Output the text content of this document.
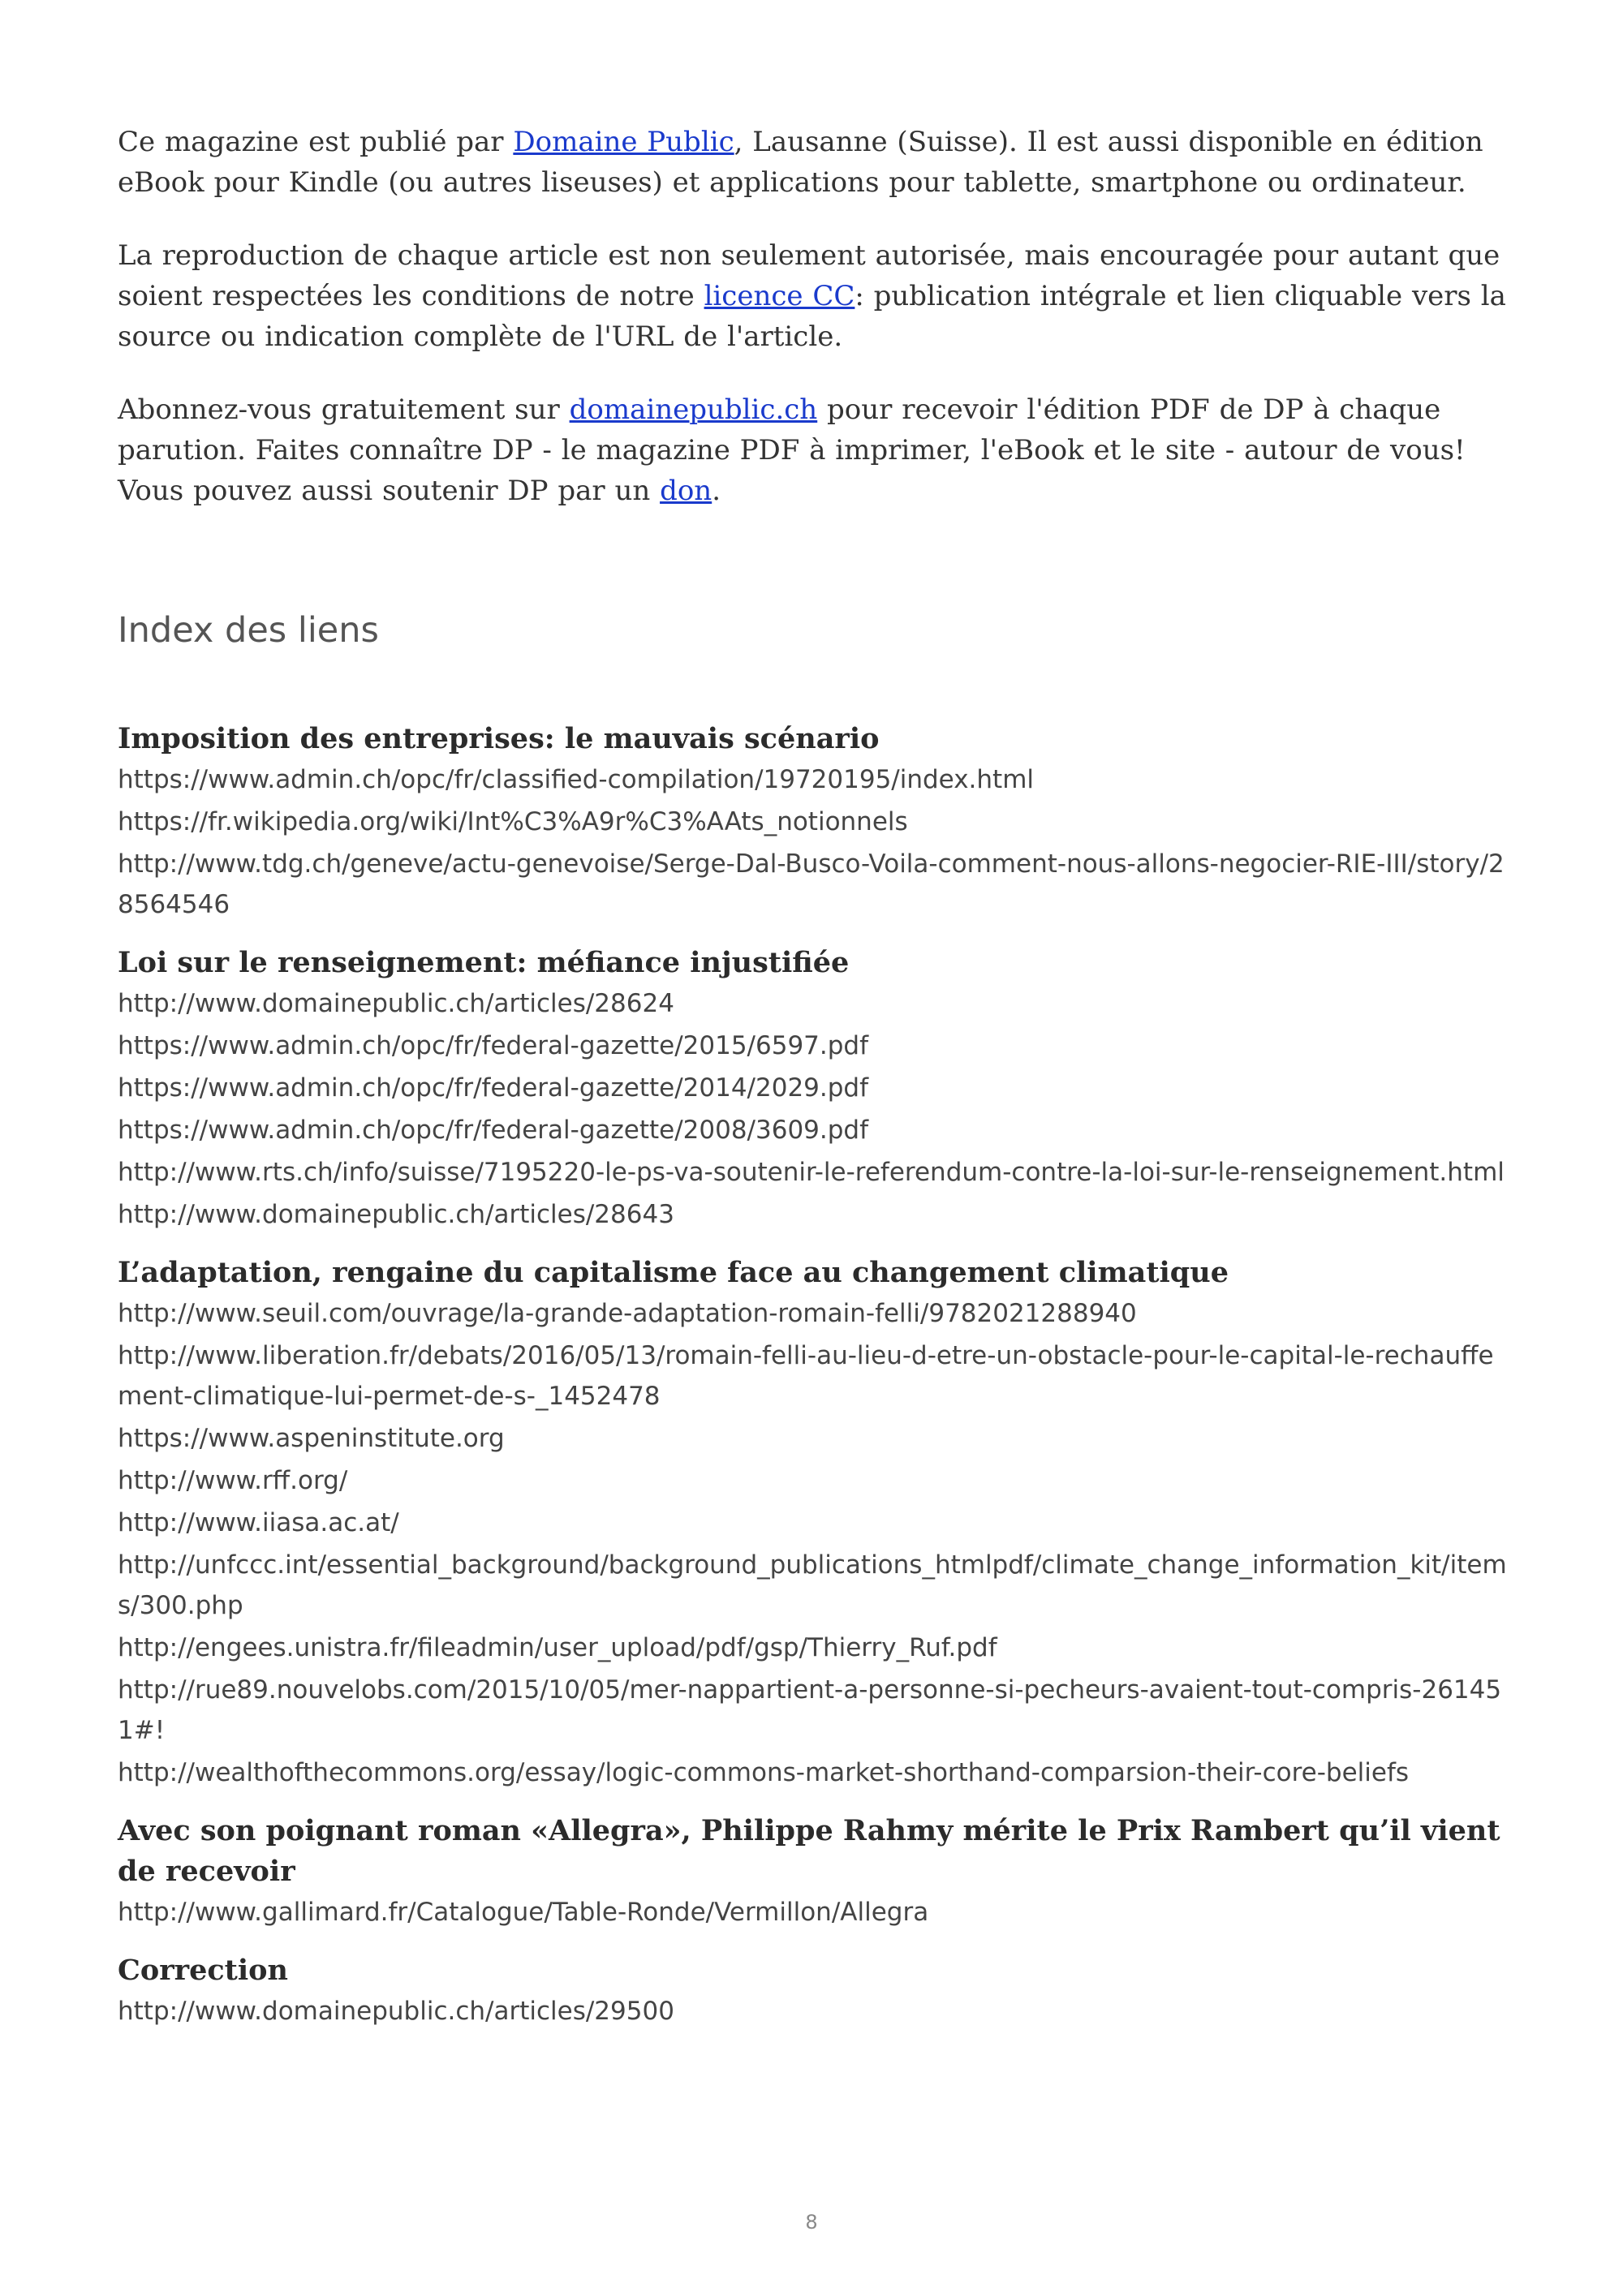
Ce magazine est publié par Domaine Public, Lausanne (Suisse). Il est aussi disponible en édition eBook pour Kindle (ou autres liseuses) et applications pour tablette, smartphone ou ordinateur.

La reproduction de chaque article est non seulement autorisée, mais encouragée pour autant que soient respectées les conditions de notre licence CC: publication intégrale et lien cliquable vers la source ou indication complète de l'URL de l'article.

Abonnez-vous gratuitement sur domainepublic.ch pour recevoir l'édition PDF de DP à chaque parution. Faites connaître DP - le magazine PDF à imprimer, l'eBook et le site - autour de vous! Vous pouvez aussi soutenir DP par un don.

Index des liens
Imposition des entreprises: le mauvais scénario
https://www.admin.ch/opc/fr/classified-compilation/19720195/index.html
https://fr.wikipedia.org/wiki/Int%C3%A9r%C3%AAts_notionnels
http://www.tdg.ch/geneve/actu-genevoise/Serge-Dal-Busco-Voila-comment-nous-allons-negocier-RIE-III/story/28564546
Loi sur le renseignement: méfiance injustifiée
http://www.domainepublic.ch/articles/28624
https://www.admin.ch/opc/fr/federal-gazette/2015/6597.pdf
https://www.admin.ch/opc/fr/federal-gazette/2014/2029.pdf
https://www.admin.ch/opc/fr/federal-gazette/2008/3609.pdf
http://www.rts.ch/info/suisse/7195220-le-ps-va-soutenir-le-referendum-contre-la-loi-sur-le-renseignement.html
http://www.domainepublic.ch/articles/28643
L’adaptation, rengaine du capitalisme face au changement climatique
http://www.seuil.com/ouvrage/la-grande-adaptation-romain-felli/9782021288940
http://www.liberation.fr/debats/2016/05/13/romain-felli-au-lieu-d-etre-un-obstacle-pour-le-capital-le-rechauffement-climatique-lui-permet-de-s-_1452478
https://www.aspeninstitute.org
http://www.rff.org/
http://www.iiasa.ac.at/
http://unfccc.int/essential_background/background_publications_htmlpdf/climate_change_information_kit/items/300.php
http://engees.unistra.fr/fileadmin/user_upload/pdf/gsp/Thierry_Ruf.pdf
http://rue89.nouvelobs.com/2015/10/05/mer-nappartient-a-personne-si-pecheurs-avaient-tout-compris-261451#!
http://wealthofthecommons.org/essay/logic-commons-market-shorthand-comparsion-their-core-beliefs
Avec son poignant roman «Allegra», Philippe Rahmy mérite le Prix Rambert qu’il vient de recevoir
http://www.gallimard.fr/Catalogue/Table-Ronde/Vermillon/Allegra
Correction
http://www.domainepublic.ch/articles/29500
8
